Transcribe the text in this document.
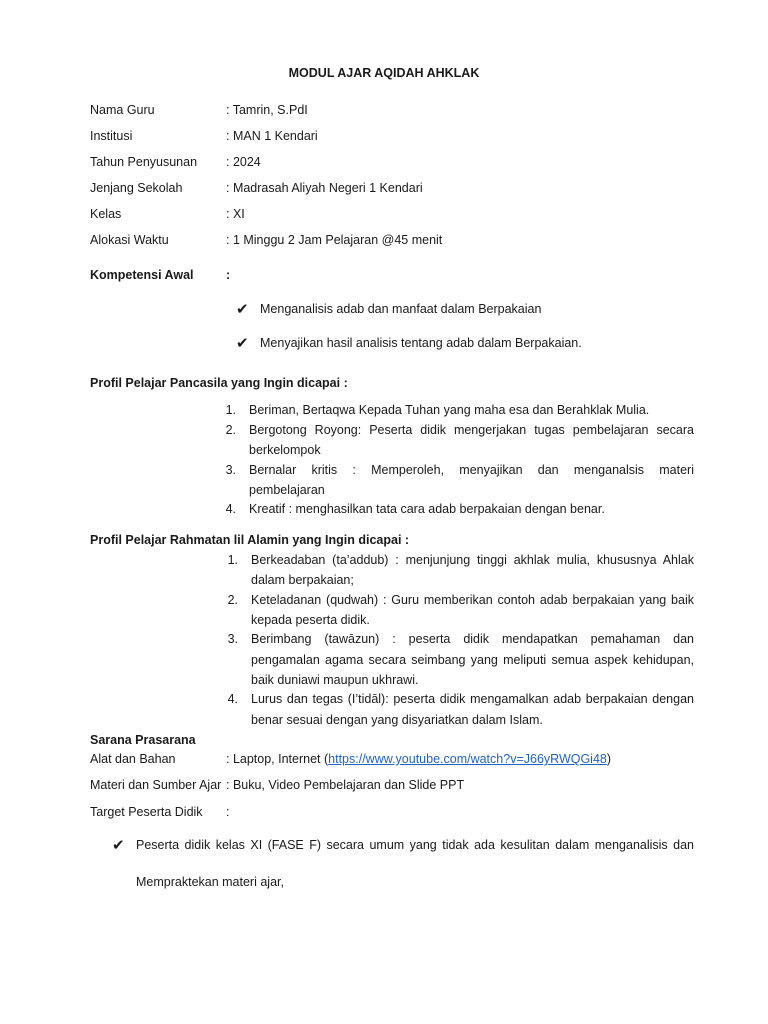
MODUL AJAR AQIDAH AHKLAK
Nama Guru	: Tamrin, S.PdI
Institusi	: MAN 1 Kendari
Tahun Penyusunan : 2024
Jenjang Sekolah	: Madrasah Aliyah Negeri 1 Kendari
Kelas	: XI
Alokasi Waktu	: 1 Minggu 2 Jam Pelajaran @45 menit
Kompetensi Awal	:
✔ Menganalisis adab dan manfaat dalam Berpakaian
✔ Menyajikan hasil analisis tentang adab dalam Berpakaian.
Profil Pelajar Pancasila yang Ingin dicapai :
1. Beriman, Bertaqwa Kepada Tuhan yang maha esa dan Berahklak Mulia.
2. Bergotong Royong: Peserta didik mengerjakan tugas pembelajaran secara
berkelompok
3. Bernalar kritis : Memperoleh, menyajikan dan menganalsis materi
pembelajaran
4. Kreatif : menghasilkan tata cara adab berpakaian dengan benar.
Profil Pelajar Rahmatan lil Alamin yang Ingin dicapai :
1. Berkeadaban (ta’addub) : menjunjung tinggi akhlak mulia, khususnya Ahlak
dalam berpakaian;
2. Keteladanan (qudwah) : Guru memberikan contoh adab berpakaian yang baik
kepada peserta didik.
3. Berimbang (tawāzun) : peserta didik mendapatkan pemahaman dan
pengamalan agama secara seimbang yang meliputi semua aspek kehidupan,
baik duniawi maupun ukhrawi.
4. Lurus dan tegas (I’tidāl): peserta didik mengamalkan adab berpakaian dengan
benar sesuai dengan yang disyariatkan dalam Islam.
Sarana Prasarana
Alat dan Bahan	: Laptop, Internet (https://www.youtube.com/watch?v=J66yRWQGi48)
Materi dan Sumber Ajar : Buku, Video Pembelajaran dan Slide PPT
Target Peserta Didik :
✔ Peserta didik kelas XI (FASE F) secara umum yang tidak ada kesulitan dalam menganalisis dan
Mempraktekan materi ajar,
